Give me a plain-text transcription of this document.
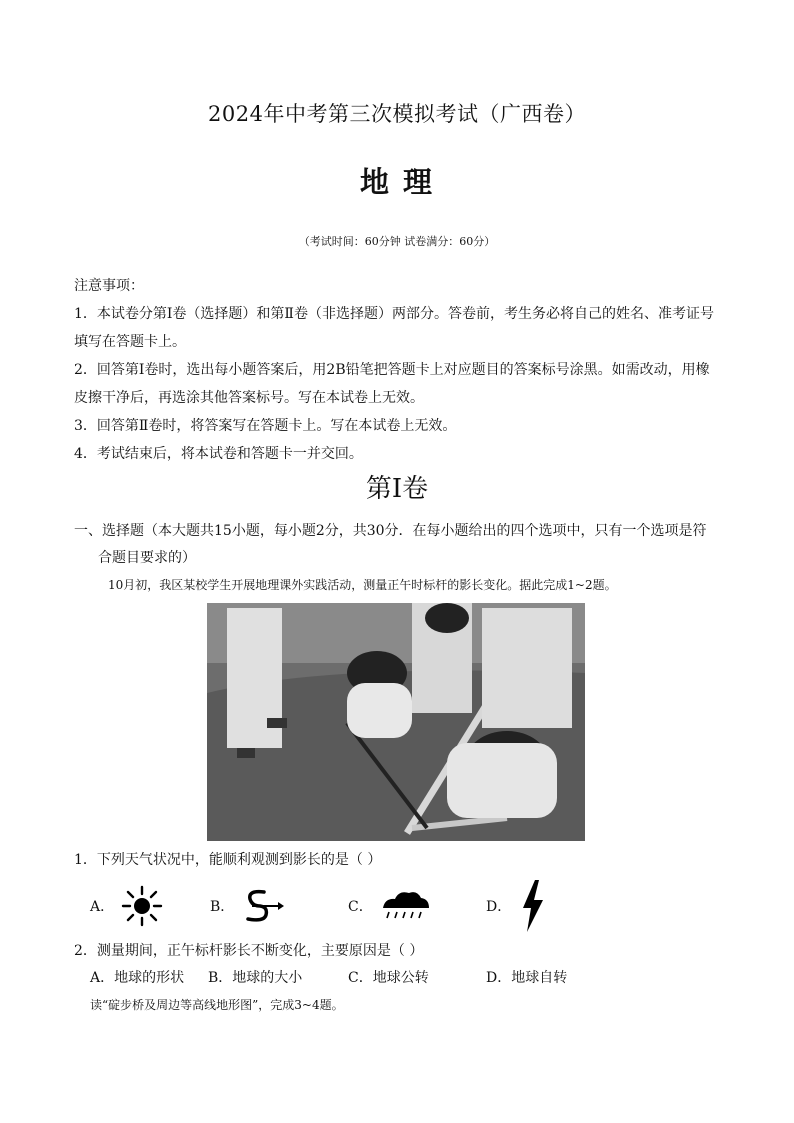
2024年中考第三次模拟考试（广西卷）
地 理
（考试时间：60分钟 试卷满分：60分）

注意事项：

1．本试卷分第Ⅰ卷（选择题）和第Ⅱ卷（非选择题）两部分。答卷前，考生务必将自己的姓名、准考证号

填写在答题卡上。

2．回答第Ⅰ卷时，选出每小题答案后，用2B铅笔把答题卡上对应题目的答案标号涂黑。如需改动，用橡

皮擦干净后，再选涂其他答案标号。写在本试卷上无效。

3．回答第Ⅱ卷时，将答案写在答题卡上。写在本试卷上无效。

4．考试结束后，将本试卷和答题卡一并交回。

第Ⅰ卷
一、选择题（本大题共15小题，每小题2分，共30分．在每小题给出的四个选项中，只有一个选项是符
合题目要求的）
10月初，我区某校学生开展地理课外实践活动，测量正午时标杆的影长变化。据此完成1~2题。
1．下列天气状况中，能顺利观测到影长的是（ ）
A．	B．	C．	D．
2．测量期间，正午标杆影长不断变化，主要原因是（ ）
A．地球的形状 B．地球的大小	C．地球公转	D．地球自转
读“碇步桥及周边等高线地形图”，完成3~4题。
